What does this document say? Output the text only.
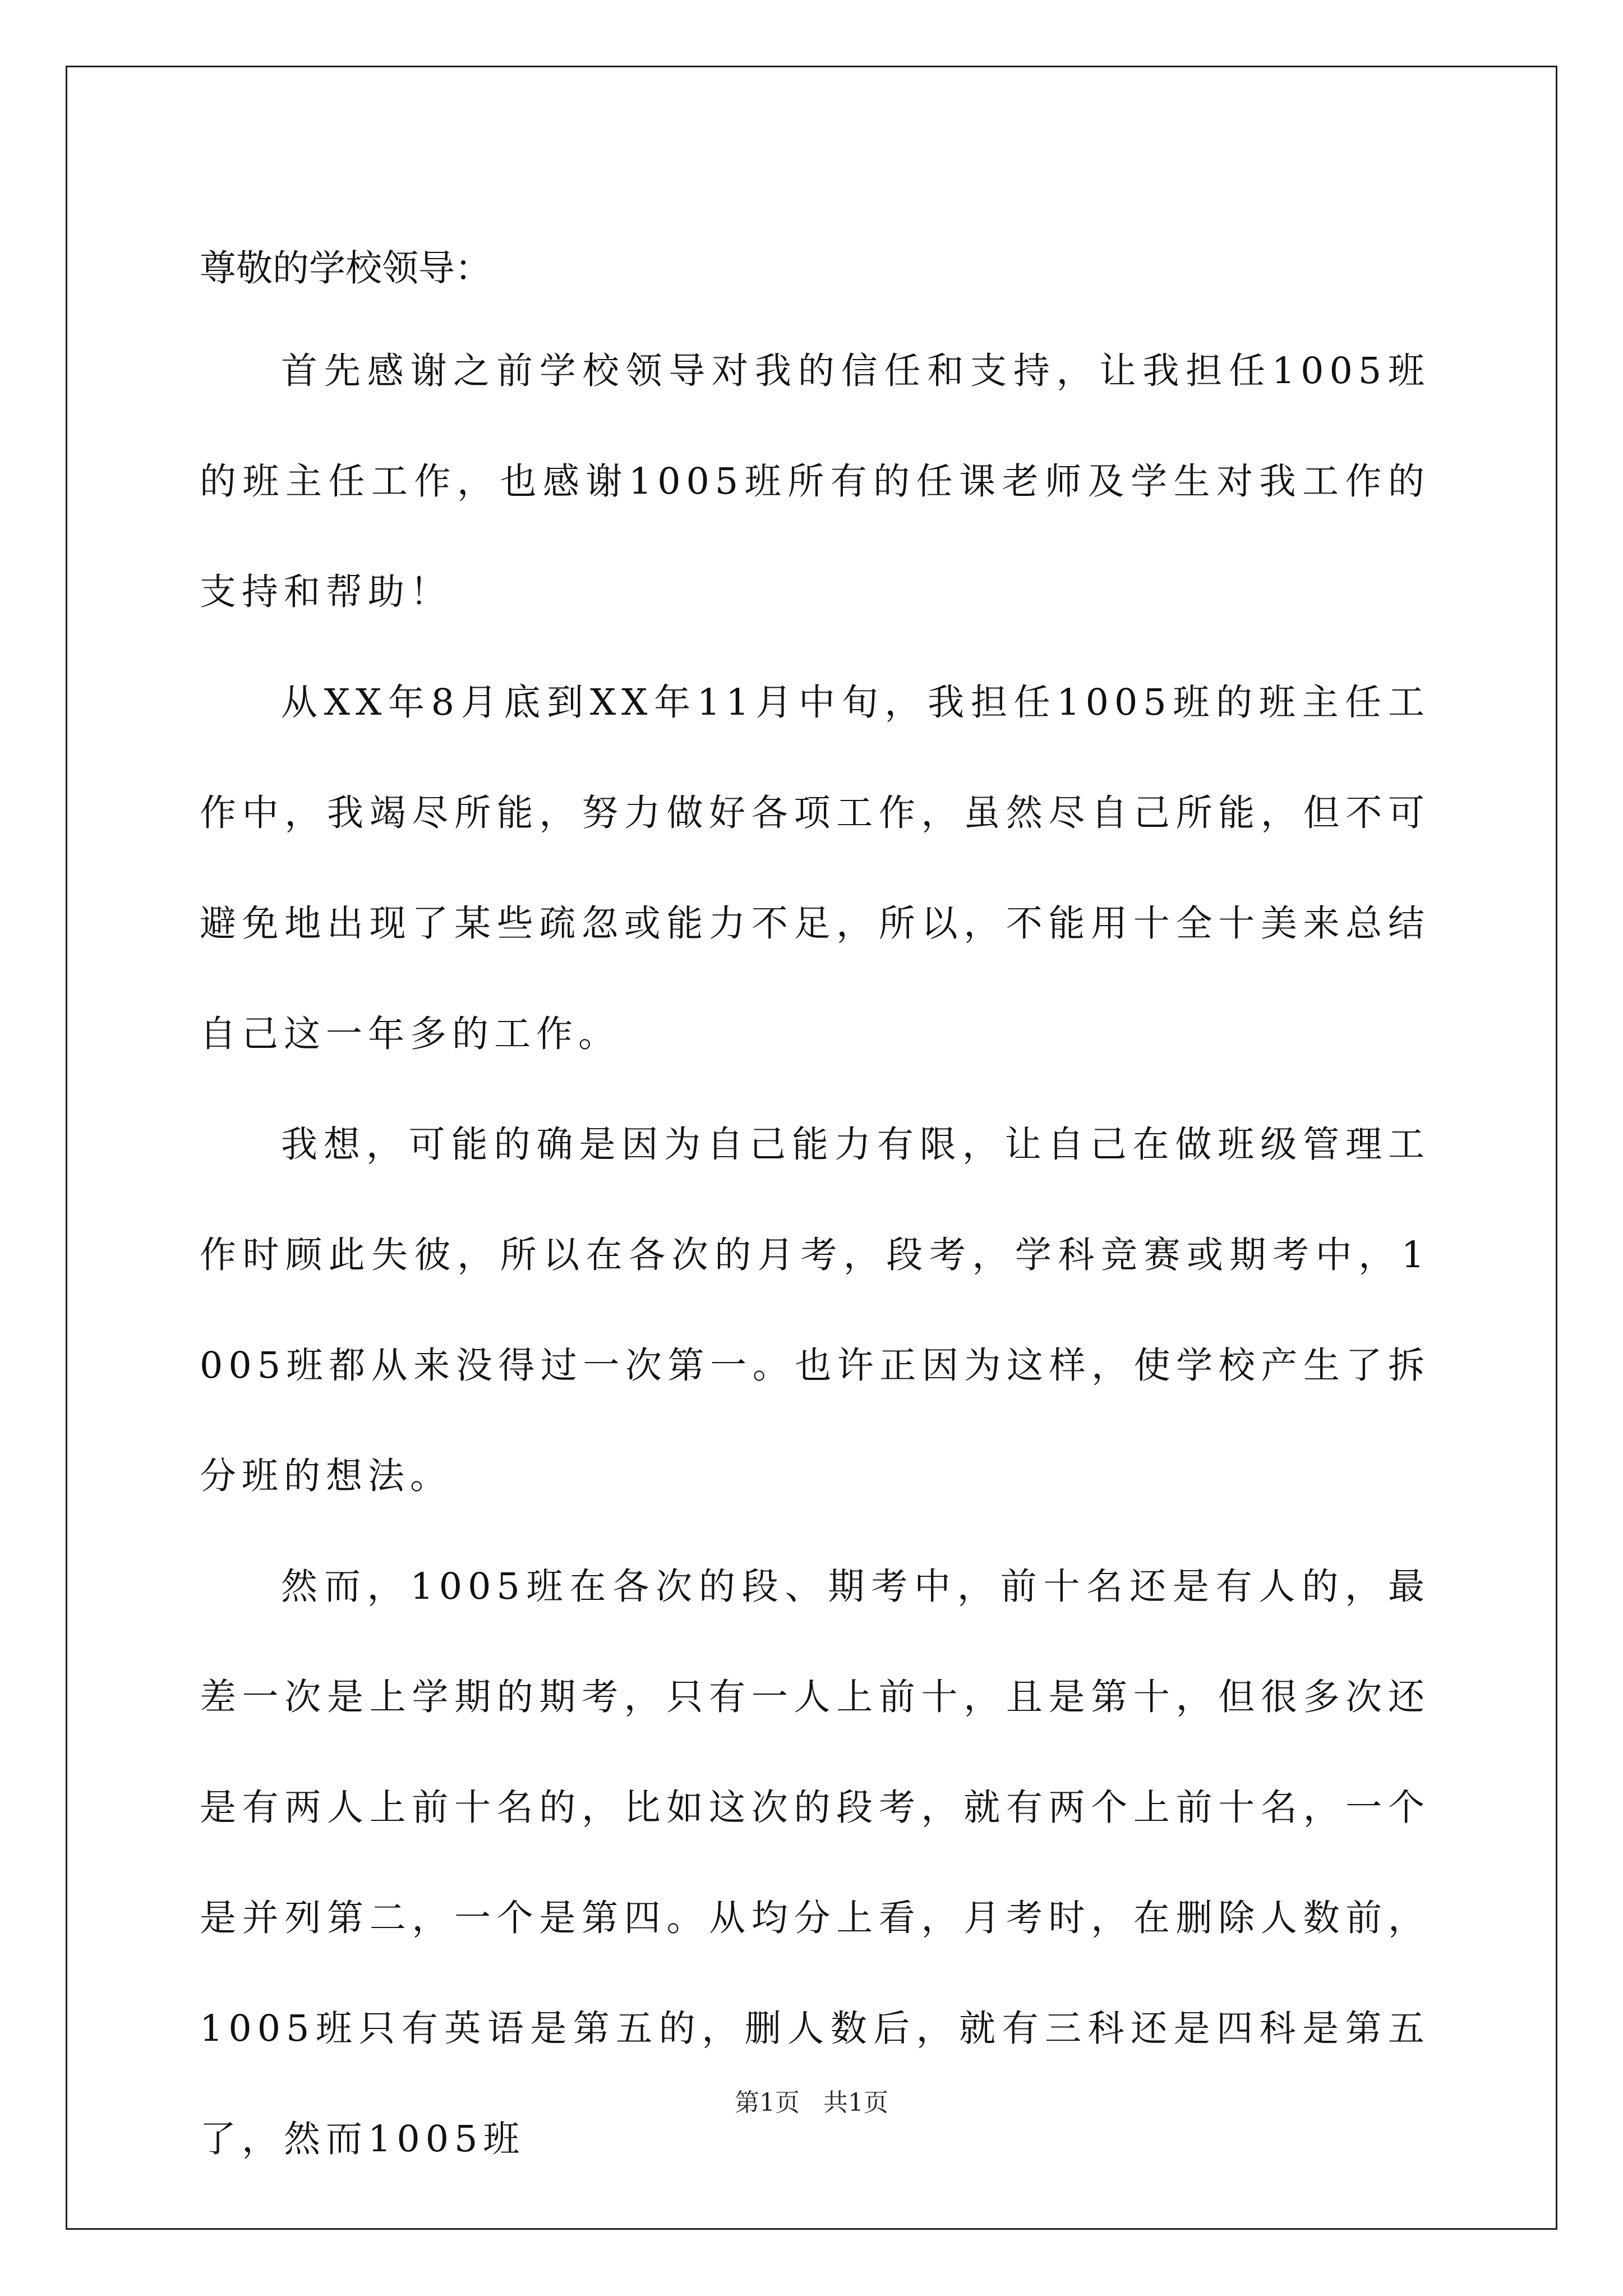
尊敬的学校领导：

首先感谢之前学校领导对我的信任和支持，让我担任1005班的班主任工作，也感谢1005班所有的任课老师及学生对我工作的支持和帮助！

从XX年8月底到XX年11月中旬，我担任1005班的班主任工作中，我竭尽所能，努力做好各项工作，虽然尽自己所能，但不可避免地出现了某些疏忽或能力不足，所以，不能用十全十美来总结自己这一年多的工作。

我想，可能的确是因为自己能力有限，让自己在做班级管理工作时顾此失彼，所以在各次的月考，段考，学科竞赛或期考中，1005班都从来没得过一次第一。也许正因为这样，使学校产生了拆分班的想法。

然而，1005班在各次的段、期考中，前十名还是有人的，最差一次是上学期的期考，只有一人上前十，且是第十，但很多次还是有两人上前十名的，比如这次的段考，就有两个上前十名，一个是并列第二，一个是第四。从均分上看，月考时，在删除人数前，1005班只有英语是第五的，删人数后，就有三科还是四科是第五了，然而1005班

第1页   共1页
